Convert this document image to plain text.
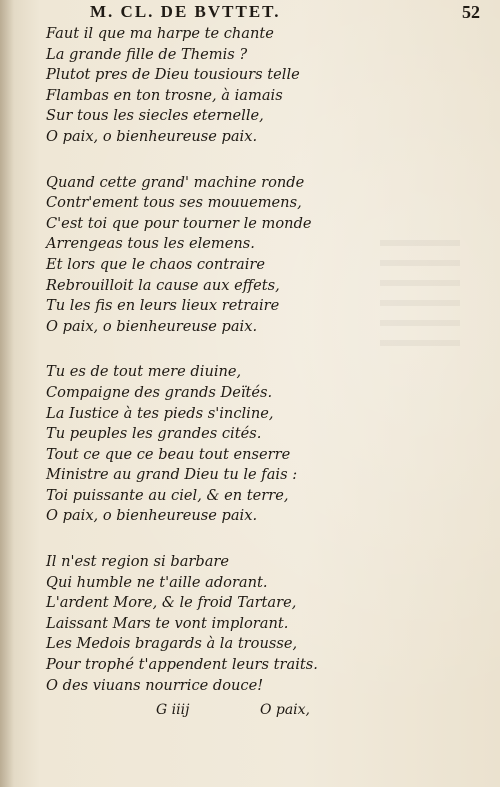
M. CL. DE BVTTET.	52
Faut il que ma harpe te chante
La grande fille de Themis ?
Plutot pres de Dieu tousiours telle
Flambas en ton trosne, à iamais
Sur tous les siecles eternelle,
O paix, o bienheureuse paix.
Quand cette grand' machine ronde
Contr'ement tous ses mouuemens,
C'est toi que pour tourner le monde
Arrengeas tous les elemens.
Et lors que le chaos contraire
Rebrouilloit la cause aux effets,
Tu les fis en leurs lieux retraire
O paix, o bienheureuse paix.
Tu es de tout mere diuine,
Compaigne des grands Deïtés.
La Iustice à tes pieds s'incline,
Tu peuples les grandes cités.
Tout ce que ce beau tout enserre
Ministre au grand Dieu tu le fais :
Toi puissante au ciel, & en terre,
O paix, o bienheureuse paix.
Il n'est region si barbare
Qui humble ne t'aille adorant.
L'ardent More, & le froid Tartare,
Laissant Mars te vont implorant.
Les Medois bragards à la trousse,
Pour trophé t'appendent leurs traits.
O des viuans nourrice douce!
G iiij	O paix,
